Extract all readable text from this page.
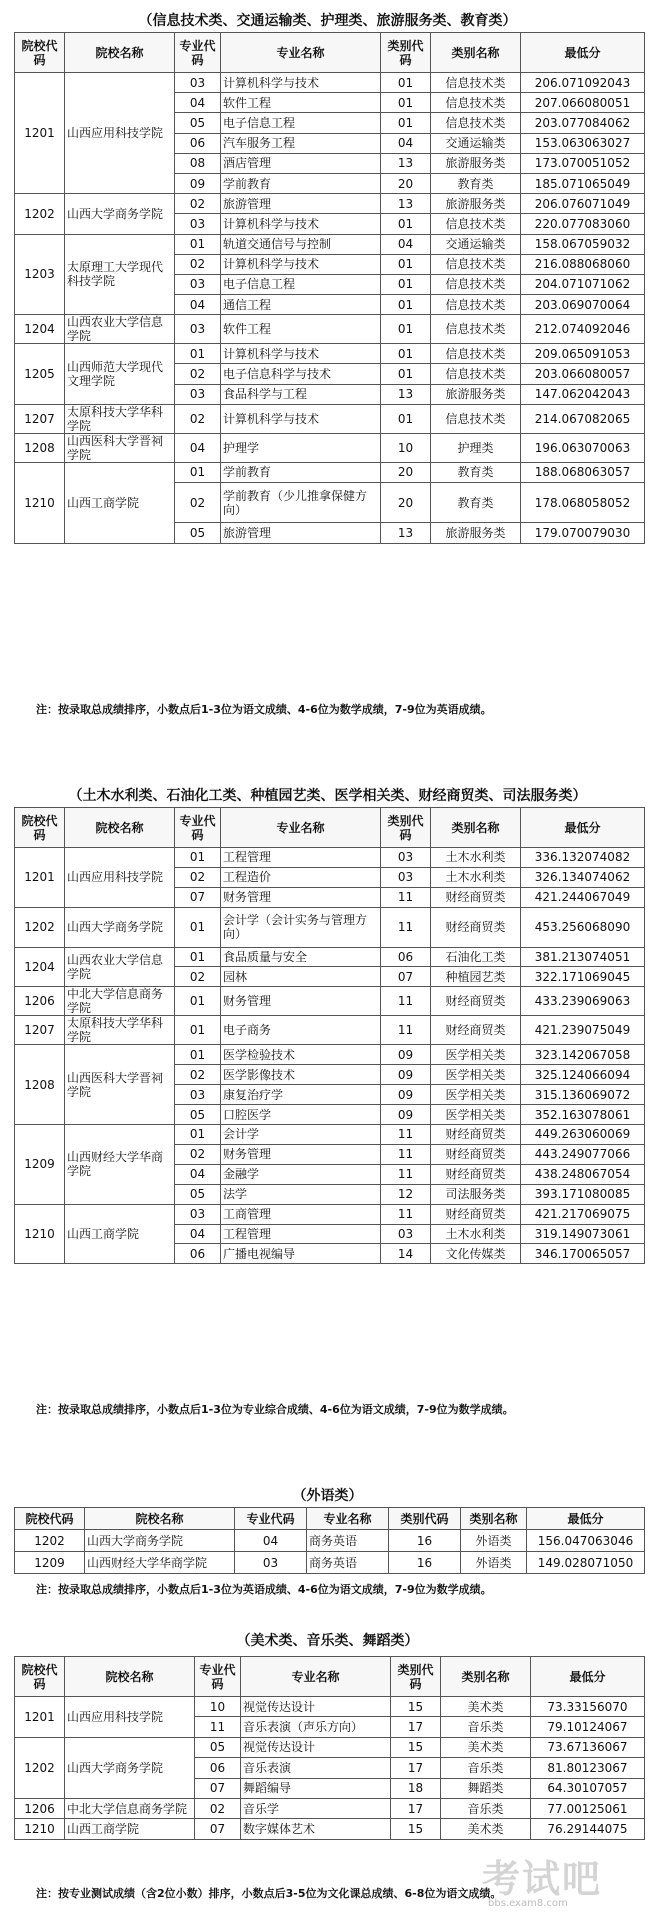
（信息技术类、交通运输类、护理类、旅游服务类、教育类）
院校代码	院校名称	专业代码	专业名称	类别代码	类别名称	最低分
1201	山西应用科技学院	03	计算机科学与技术	01	信息技术类	206.071092043
		04	软件工程	01	信息技术类	207.066080051
		05	电子信息工程	01	信息技术类	203.077084062
		06	汽车服务工程	04	交通运输类	153.063063027
		08	酒店管理	13	旅游服务类	173.070051052
		09	学前教育	20	教育类	185.071065049
1202	山西大学商务学院	02	旅游管理	13	旅游服务类	206.076071049
		03	计算机科学与技术	01	信息技术类	220.077083060
1203	太原理工大学现代科技学院	01	轨道交通信号与控制	04	交通运输类	158.067059032
		02	计算机科学与技术	01	信息技术类	216.088068060
		03	电子信息工程	01	信息技术类	204.071071062
		04	通信工程	01	信息技术类	203.069070064
1204	山西农业大学信息学院	03	软件工程	01	信息技术类	212.074092046
1205	山西师范大学现代文理学院	01	计算机科学与技术	01	信息技术类	209.065091053
		02	电子信息科学与技术	01	信息技术类	203.066080057
		03	食品科学与工程	13	旅游服务类	147.062042043
1207	太原科技大学华科学院	02	计算机科学与技术	01	信息技术类	214.067082065
1208	山西医科大学晋祠学院	04	护理学	10	护理类	196.063070063
1210	山西工商学院	01	学前教育	20	教育类	188.068063057
		02	学前教育（少儿推拿保健方向）	20	教育类	178.068058052
		05	旅游管理	13	旅游服务类	179.070079030
注：按录取总成绩排序，小数点后1-3位为语文成绩、4-6位为数学成绩，7-9位为英语成绩。
（土木水利类、石油化工类、种植园艺类、医学相关类、财经商贸类、司法服务类）
院校代码	院校名称	专业代码	专业名称	类别代码	类别名称	最低分
1201	山西应用科技学院	01	工程管理	03	土木水利类	336.132074082
		02	工程造价	03	土木水利类	326.134074062
		07	财务管理	11	财经商贸类	421.244067049
1202	山西大学商务学院	01	会计学（会计实务与管理方向）	11	财经商贸类	453.256068090
1204	山西农业大学信息学院	01	食品质量与安全	06	石油化工类	381.213074051
		02	园林	07	种植园艺类	322.171069045
1206	中北大学信息商务学院	01	财务管理	11	财经商贸类	433.239069063
1207	太原科技大学华科学院	01	电子商务	11	财经商贸类	421.239075049
1208	山西医科大学晋祠学院	01	医学检验技术	09	医学相关类	323.142067058
		02	医学影像技术	09	医学相关类	325.124066094
		03	康复治疗学	09	医学相关类	315.136069072
		05	口腔医学	09	医学相关类	352.163078061
1209	山西财经大学华商学院	01	会计学	11	财经商贸类	449.263060069
		02	财务管理	11	财经商贸类	443.249077066
		04	金融学	11	财经商贸类	438.248067054
		05	法学	12	司法服务类	393.171080085
1210	山西工商学院	03	工商管理	11	财经商贸类	421.217069075
		04	工程管理	03	土木水利类	319.149073061
		06	广播电视编导	14	文化传媒类	346.170065057
注：按录取总成绩排序，小数点后1-3位为专业综合成绩、4-6位为语文成绩，7-9位为数学成绩。
（外语类）
院校代码	院校名称	专业代码	专业名称	类别代码	类别名称	最低分
1202	山西大学商务学院	04	商务英语	16	外语类	156.047063046
1209	山西财经大学华商学院	03	商务英语	16	外语类	149.028071050
注：按录取总成绩排序，小数点后1-3位为英语成绩、4-6位为语文成绩，7-9位为数学成绩。
（美术类、音乐类、舞蹈类）
院校代码	院校名称	专业代码	专业名称	类别代码	类别名称	最低分
1201	山西应用科技学院	10	视觉传达设计	15	美术类	73.33156070
		11	音乐表演（声乐方向）	17	音乐类	79.10124067
1202	山西大学商务学院	05	视觉传达设计	15	美术类	73.67136067
		06	音乐表演	17	音乐类	81.80123067
		07	舞蹈编导	18	舞蹈类	64.30107057
1206	中北大学信息商务学院	02	音乐学	17	音乐类	77.00125061
1210	山西工商学院	07	数字媒体艺术	15	美术类	76.29144075
注：按专业测试成绩（含2位小数）排序，小数点后3-5位为文化课总成绩、6-8位为语文成绩。
考试吧
bbs.exam8.com
